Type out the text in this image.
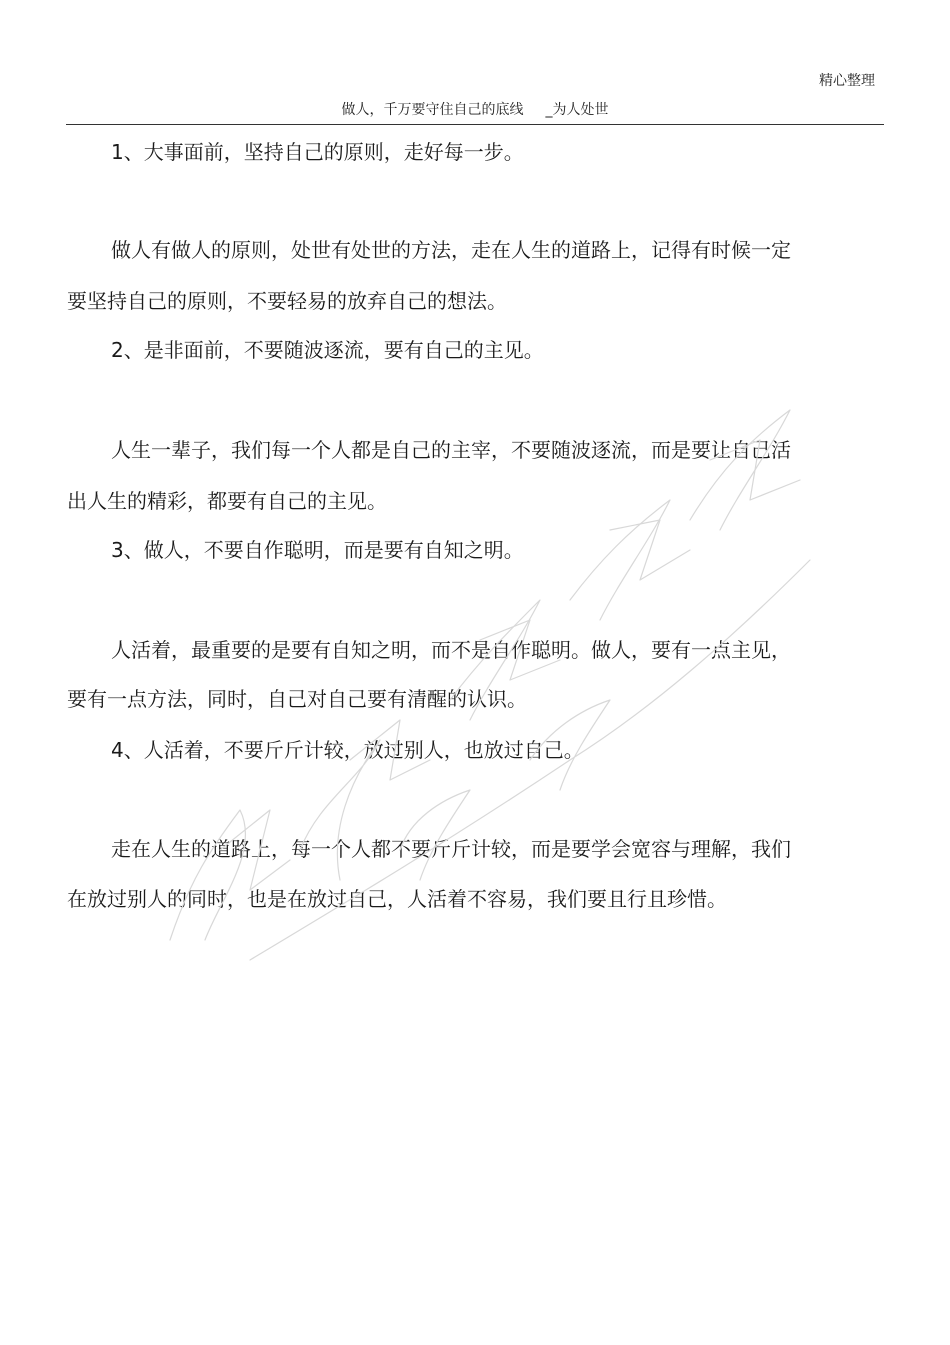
精心整理
做人，千万要守住自己的底线 _为人处世
1、大事面前，坚持自己的原则，走好每一步。
做人有做人的原则，处世有处世的方法，走在人生的道路上，记得有时候一定
要坚持自己的原则，不要轻易的放弃自己的想法。
2、是非面前，不要随波逐流，要有自己的主见。
人生一辈子，我们每一个人都是自己的主宰，不要随波逐流，而是要让自己活
出人生的精彩，都要有自己的主见。
3、做人，不要自作聪明，而是要有自知之明。
人活着，最重要的是要有自知之明，而不是自作聪明。做人，要有一点主见，
要有一点方法，同时，自己对自己要有清醒的认识。
4、人活着，不要斤斤计较，放过别人，也放过自己。
走在人生的道路上，每一个人都不要斤斤计较，而是要学会宽容与理解，我们
在放过别人的同时，也是在放过自己，人活着不容易，我们要且行且珍惜。
